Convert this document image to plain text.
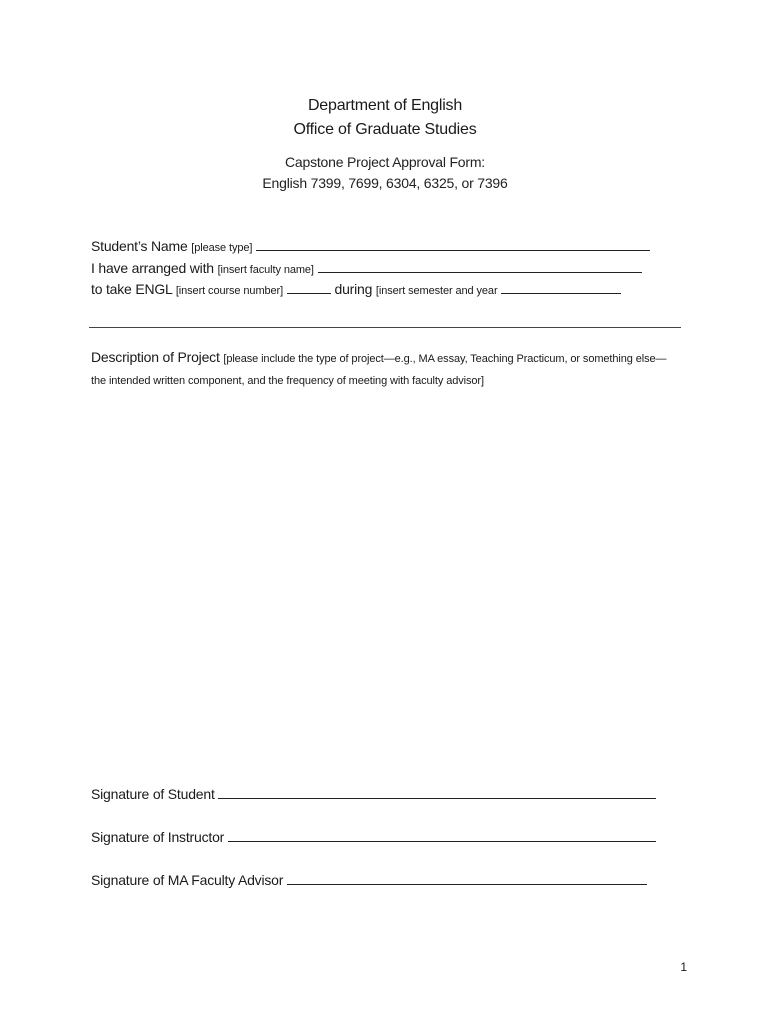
Department of English
Office of Graduate Studies
Capstone Project Approval Form:
English 7399, 7699, 6304, 6325, or 7396
Student’s Name [please type]
I have arranged with [insert faculty name]
to take ENGL [insert course number]	during [insert semester and year
Description of Project [please include the type of project—e.g., MA essay, Teaching Practicum, or something else—the intended written component, and the frequency of meeting with faculty advisor]
Signature of Student
Signature of Instructor
Signature of MA Faculty Advisor
1
